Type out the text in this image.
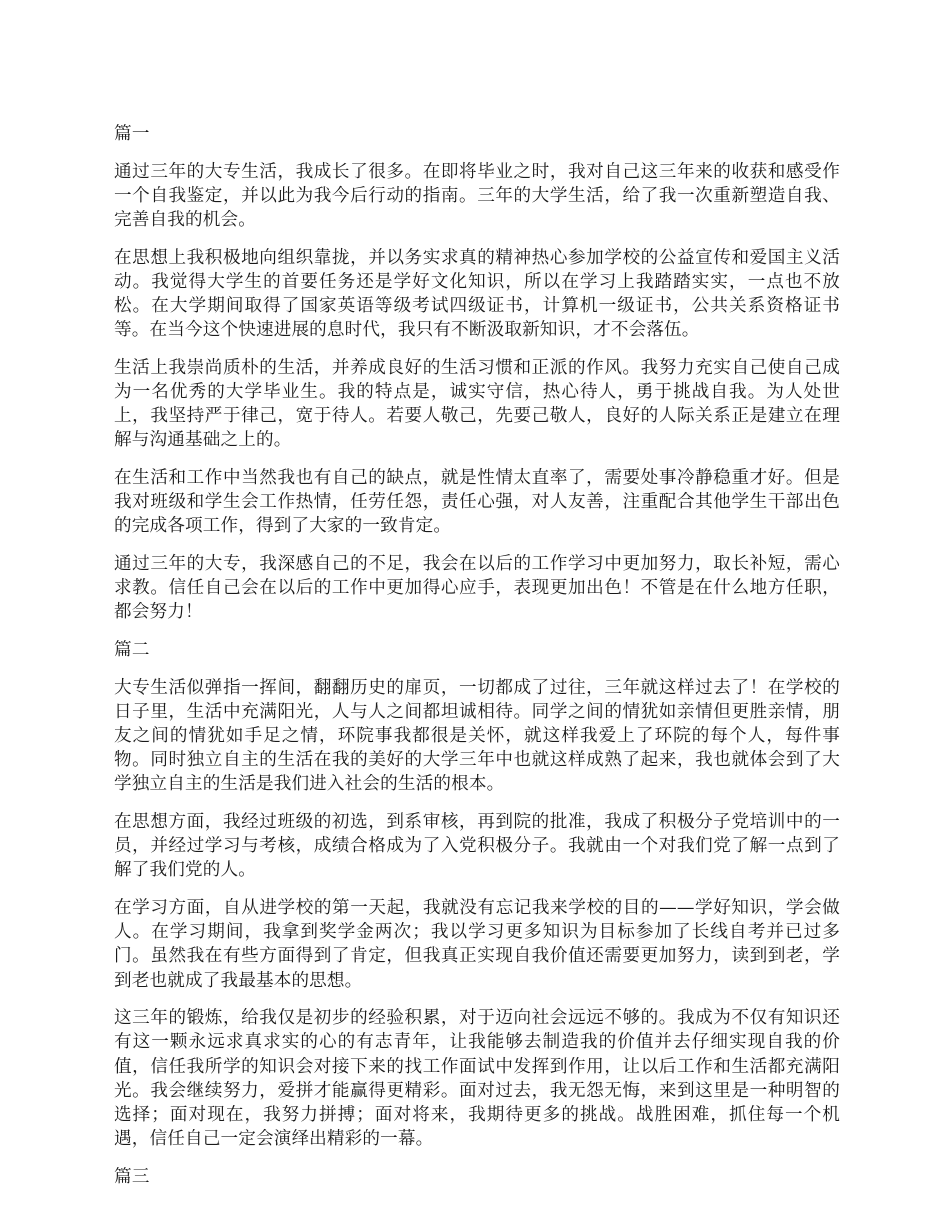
篇一

通过三年的大专生活，我成长了很多。在即将毕业之时，我对自己这三年来的收获和感受作一个自我鉴定，并以此为我今后行动的指南。三年的大学生活，给了我一次重新塑造自我、完善自我的机会。

在思想上我积极地向组织靠拢，并以务实求真的精神热心参加学校的公益宣传和爱国主义活动。我觉得大学生的首要任务还是学好文化知识，所以在学习上我踏踏实实，一点也不放松。在大学期间取得了国家英语等级考试四级证书，计算机一级证书，公共关系资格证书等。在当今这个快速进展的息时代，我只有不断汲取新知识，才不会落伍。

生活上我崇尚质朴的生活，并养成良好的生活习惯和正派的作风。我努力充实自己使自己成为一名优秀的大学毕业生。我的特点是，诚实守信，热心待人，勇于挑战自我。为人处世上，我坚持严于律己，宽于待人。若要人敬己，先要己敬人，良好的人际关系正是建立在理解与沟通基础之上的。

在生活和工作中当然我也有自己的缺点，就是性情太直率了，需要处事冷静稳重才好。但是我对班级和学生会工作热情，任劳任怨，责任心强，对人友善，注重配合其他学生干部出色的完成各项工作，得到了大家的一致肯定。

通过三年的大专，我深感自己的不足，我会在以后的工作学习中更加努力，取长补短，需心求教。信任自己会在以后的工作中更加得心应手，表现更加出色！不管是在什么地方任职，都会努力！

篇二

大专生活似弹指一挥间，翻翻历史的扉页，一切都成了过往，三年就这样过去了！在学校的日子里，生活中充满阳光，人与人之间都坦诚相待。同学之间的情犹如亲情但更胜亲情，朋友之间的情犹如手足之情，环院事我都很是关怀，就这样我爱上了环院的每个人，每件事物。同时独立自主的生活在我的美好的大学三年中也就这样成熟了起来，我也就体会到了大学独立自主的生活是我们进入社会的生活的根本。

在思想方面，我经过班级的初选，到系审核，再到院的批准，我成了积极分子党培训中的一员，并经过学习与考核，成绩合格成为了入党积极分子。我就由一个对我们党了解一点到了解了我们党的人。

在学习方面，自从进学校的第一天起，我就没有忘记我来学校的目的——学好知识，学会做人。在学习期间，我拿到奖学金两次；我以学习更多知识为目标参加了长线自考并已过多门。虽然我在有些方面得到了肯定，但我真正实现自我价值还需要更加努力，读到到老，学到老也就成了我最基本的思想。

这三年的锻炼，给我仅是初步的经验积累，对于迈向社会远远不够的。我成为不仅有知识还有这一颗永远求真求实的心的有志青年，让我能够去制造我的价值并去仔细实现自我的价值，信任我所学的知识会对接下来的找工作面试中发挥到作用，让以后工作和生活都充满阳光。我会继续努力，爱拼才能赢得更精彩。面对过去，我无怨无悔，来到这里是一种明智的选择；面对现在，我努力拼搏；面对将来，我期待更多的挑战。战胜困难，抓住每一个机遇，信任自己一定会演绎出精彩的一幕。

篇三
